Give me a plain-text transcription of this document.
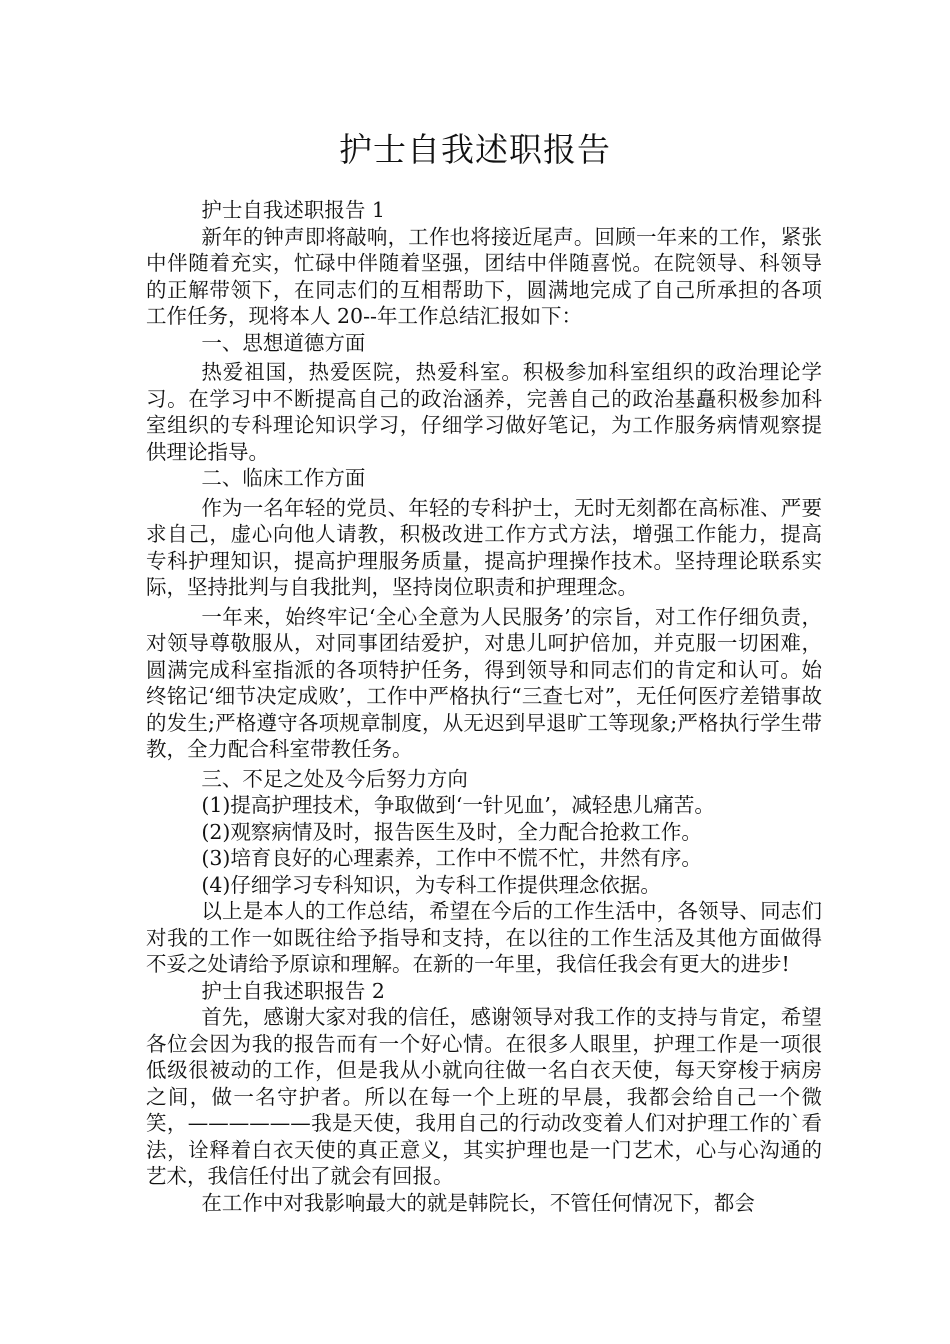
护士自我述职报告

护士自我述职报告 1

新年的钟声即将敲响，工作也将接近尾声。回顾一年来的工作，紧张中伴随着充实，忙碌中伴随着坚强，团结中伴随喜悦。在院领导、科领导的正解带领下，在同志们的互相帮助下，圆满地完成了自己所承担的各项工作任务，现将本人 20--年工作总结汇报如下：

一、思想道德方面

热爱祖国，热爱医院，热爱科室。积极参加科室组织的政治理论学习。在学习中不断提高自己的政治涵养，完善自己的政治基矗积极参加科室组织的专科理论知识学习，仔细学习做好笔记，为工作服务病情观察提供理论指导。

二、临床工作方面

作为一名年轻的党员、年轻的专科护士，无时无刻都在高标准、严要求自己，虚心向他人请教，积极改进工作方式方法，增强工作能力，提高专科护理知识，提高护理服务质量，提高护理操作技术。坚持理论联系实际，坚持批判与自我批判，坚持岗位职责和护理理念。

一年来，始终牢记‘全心全意为人民服务’的宗旨，对工作仔细负责，对领导尊敬服从，对同事团结爱护，对患儿呵护倍加，并克服一切困难，圆满完成科室指派的各项特护任务，得到领导和同志们的肯定和认可。始终铭记‘细节决定成败’，工作中严格执行“三查七对”，无任何医疗差错事故的发生;严格遵守各项规章制度，从无迟到早退旷工等现象;严格执行学生带教，全力配合科室带教任务。

三、不足之处及今后努力方向

(1)提高护理技术，争取做到‘一针见血’，减轻患儿痛苦。

(2)观察病情及时，报告医生及时，全力配合抢救工作。

(3)培育良好的心理素养，工作中不慌不忙，井然有序。

(4)仔细学习专科知识，为专科工作提供理念依据。

以上是本人的工作总结，希望在今后的工作生活中，各领导、同志们对我的工作一如既往给予指导和支持，在以往的工作生活及其他方面做得不妥之处请给予原谅和理解。在新的一年里，我信任我会有更大的进步!

护士自我述职报告 2

首先，感谢大家对我的信任，感谢领导对我工作的支持与肯定，希望各位会因为我的报告而有一个好心情。在很多人眼里，护理工作是一项很低级很被动的工作，但是我从小就向往做一名白衣天使，每天穿梭于病房之间，做一名守护者。所以在每一个上班的早晨，我都会给自己一个微笑，——————我是天使，我用自己的行动改变着人们对护理工作的`看法，诠释着白衣天使的真正意义，其实护理也是一门艺术，心与心沟通的艺术，我信任付出了就会有回报。

在工作中对我影响最大的就是韩院长，不管任何情况下，都会
